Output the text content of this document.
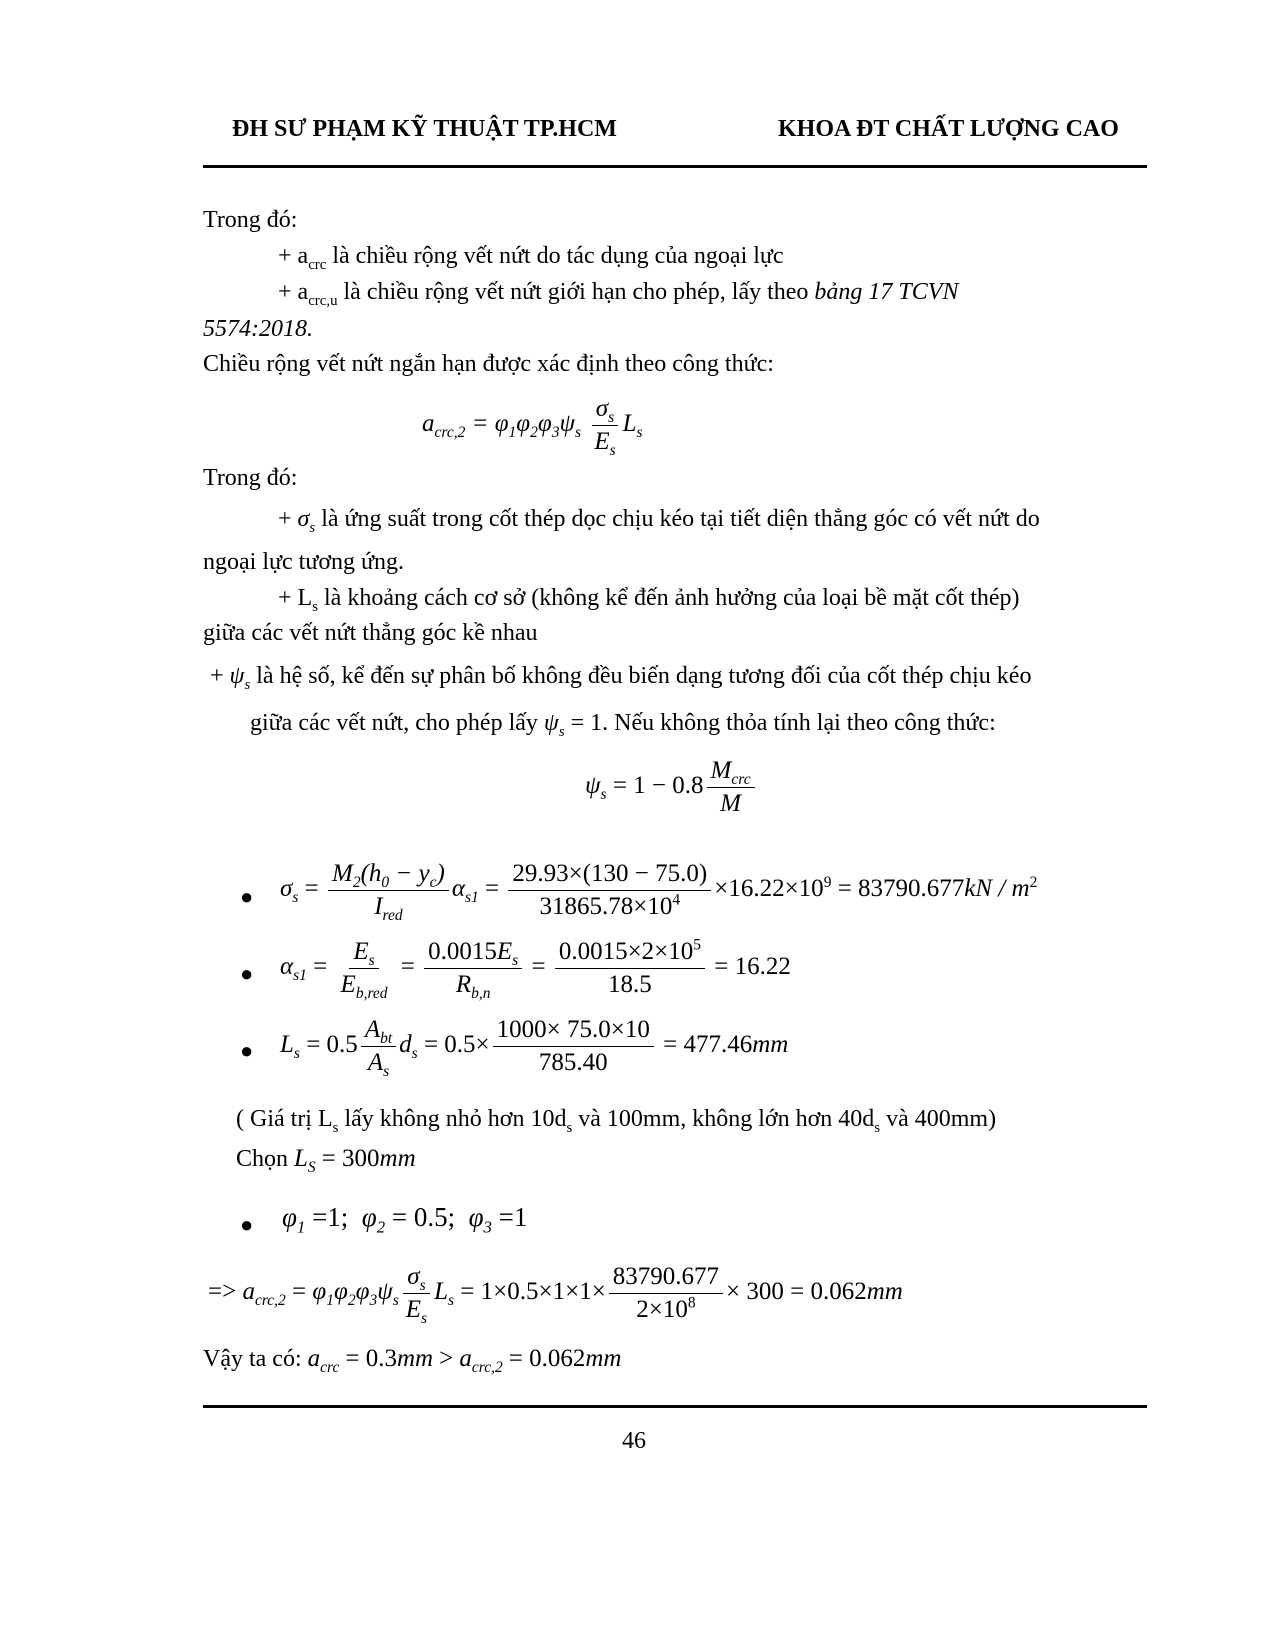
ĐH SƯ PHẠM KỸ THUẬT TP.HCM	KHOA ĐT CHẤT LƯỢNG CAO
Trong đó:
+ $a_{crc}$ là chiều rộng vết nứt do tác dụng của ngoại lực
+ $a_{crc,u}$ là chiều rộng vết nứt giới hạn cho phép, lấy theo bảng 17 TCVN
5574:2018.
Chiều rộng vết nứt ngắn hạn được xác định theo công thức:
$a_{crc,2} = \varphi_1\varphi_2\varphi_3\psi_s \frac{\sigma_s}{E_s} L_s$
Trong đó:
+ $\sigma_s$ là ứng suất trong cốt thép dọc chịu kéo tại tiết diện thẳng góc có vết nứt do
ngoại lực tương ứng.
+ $L_s$ là khoảng cách cơ sở (không kể đến ảnh hưởng của loại bề mặt cốt thép)
giữa các vết nứt thẳng góc kề nhau
+ $\psi_s$ là hệ số, kể đến sự phân bố không đều biến dạng tương đối của cốt thép chịu kéo
giữa các vết nứt, cho phép lấy $\psi_s = 1$. Nếu không thỏa tính lại theo công thức:
$\psi_s = 1 - 0.8 \frac{M_{crc}}{M}$
● $\sigma_s = \frac{M_2(h_0 - y_c)}{I_{red}} \alpha_{s1} = \frac{29.93\times(130 - 75.0)}{31865.78\times 10^4} \times 16.22\times 10^9 = 83790.677kN / m^2$
● $\alpha_{s1} = \frac{E_s}{E_{b,red}} = \frac{0.0015E_s}{R_{b,n}} = \frac{0.0015\times 2\times 10^5}{18.5} = 16.22$
● $L_s = 0.5 \frac{A_{bt}}{A_s} d_s = 0.5\times \frac{1000\times 75.0\times 10}{785.40} = 477.46mm$
( Giá trị $L_s$ lấy không nhỏ hơn $10d_s$ và 100mm, không lớn hơn $40d_s$ và 400mm)
Chọn $L_S = 300mm$
● $\varphi_1 =1$;  $\varphi_2 = 0.5$;  $\varphi_3 =1$
=> $a_{crc,2} = \varphi_1\varphi_2\varphi_3\psi_s \frac{\sigma_s}{E_s} L_s = 1\times 0.5\times 1\times 1\times \frac{83790.677}{2\times 10^8} \times 300 = 0.062mm$
Vậy ta có: $a_{crc} = 0.3mm > a_{crc,2} = 0.062mm$
46
